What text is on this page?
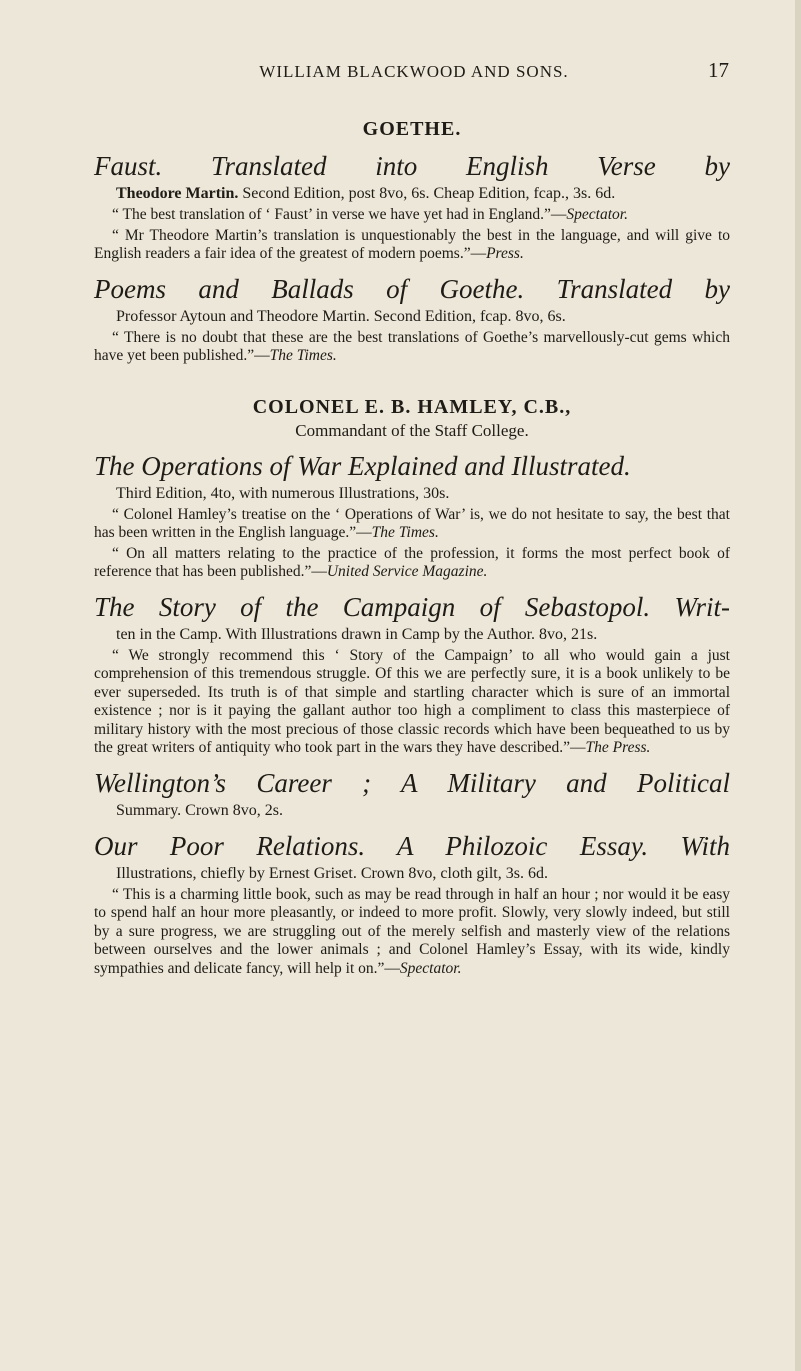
WILLIAM BLACKWOOD AND SONS.	17
GOETHE.

Faust. Translated into English Verse by

Theodore Martin. Second Edition, post 8vo, 6s. Cheap Edition, fcap., 3s. 6d.

“ The best translation of ‘ Faust’ in verse we have yet had in England.”—Spectator.

“ Mr Theodore Martin’s translation is unquestionably the best in the language, and will give to English readers a fair idea of the greatest of modern poems.”—Press.

Poems and Ballads of Goethe. Translated by

Professor Aytoun and Theodore Martin. Second Edition, fcap. 8vo, 6s.

“ There is no doubt that these are the best translations of Goethe’s marvellously-cut gems which have yet been published.”—The Times.

COLONEL E. B. HAMLEY, C.B.,
Commandant of the Staff College.

The Operations of War Explained and Illustrated.

Third Edition, 4to, with numerous Illustrations, 30s.

“ Colonel Hamley’s treatise on the ‘ Operations of War’ is, we do not hesitate to say, the best that has been written in the English language.”—The Times.

“ On all matters relating to the practice of the profession, it forms the most perfect book of reference that has been published.”—United Service Magazine.

The Story of the Campaign of Sebastopol. Writ-

ten in the Camp. With Illustrations drawn in Camp by the Author. 8vo, 21s.

“ We strongly recommend this ‘ Story of the Campaign’ to all who would gain a just comprehension of this tremendous struggle. Of this we are perfectly sure, it is a book unlikely to be ever superseded. Its truth is of that simple and startling character which is sure of an immortal existence ; nor is it paying the gallant author too high a compliment to class this masterpiece of military history with the most precious of those classic records which have been bequeathed to us by the great writers of antiquity who took part in the wars they have described.”—The Press.

Wellington’s Career ; A Military and Political

Summary. Crown 8vo, 2s.

Our Poor Relations. A Philozoic Essay. With

Illustrations, chiefly by Ernest Griset. Crown 8vo, cloth gilt, 3s. 6d.

“ This is a charming little book, such as may be read through in half an hour ; nor would it be easy to spend half an hour more pleasantly, or indeed to more profit. Slowly, very slowly indeed, but still by a sure progress, we are struggling out of the merely selfish and masterly view of the relations between ourselves and the lower animals ; and Colonel Hamley’s Essay, with its wide, kindly sympathies and delicate fancy, will help it on.”—Spectator.
